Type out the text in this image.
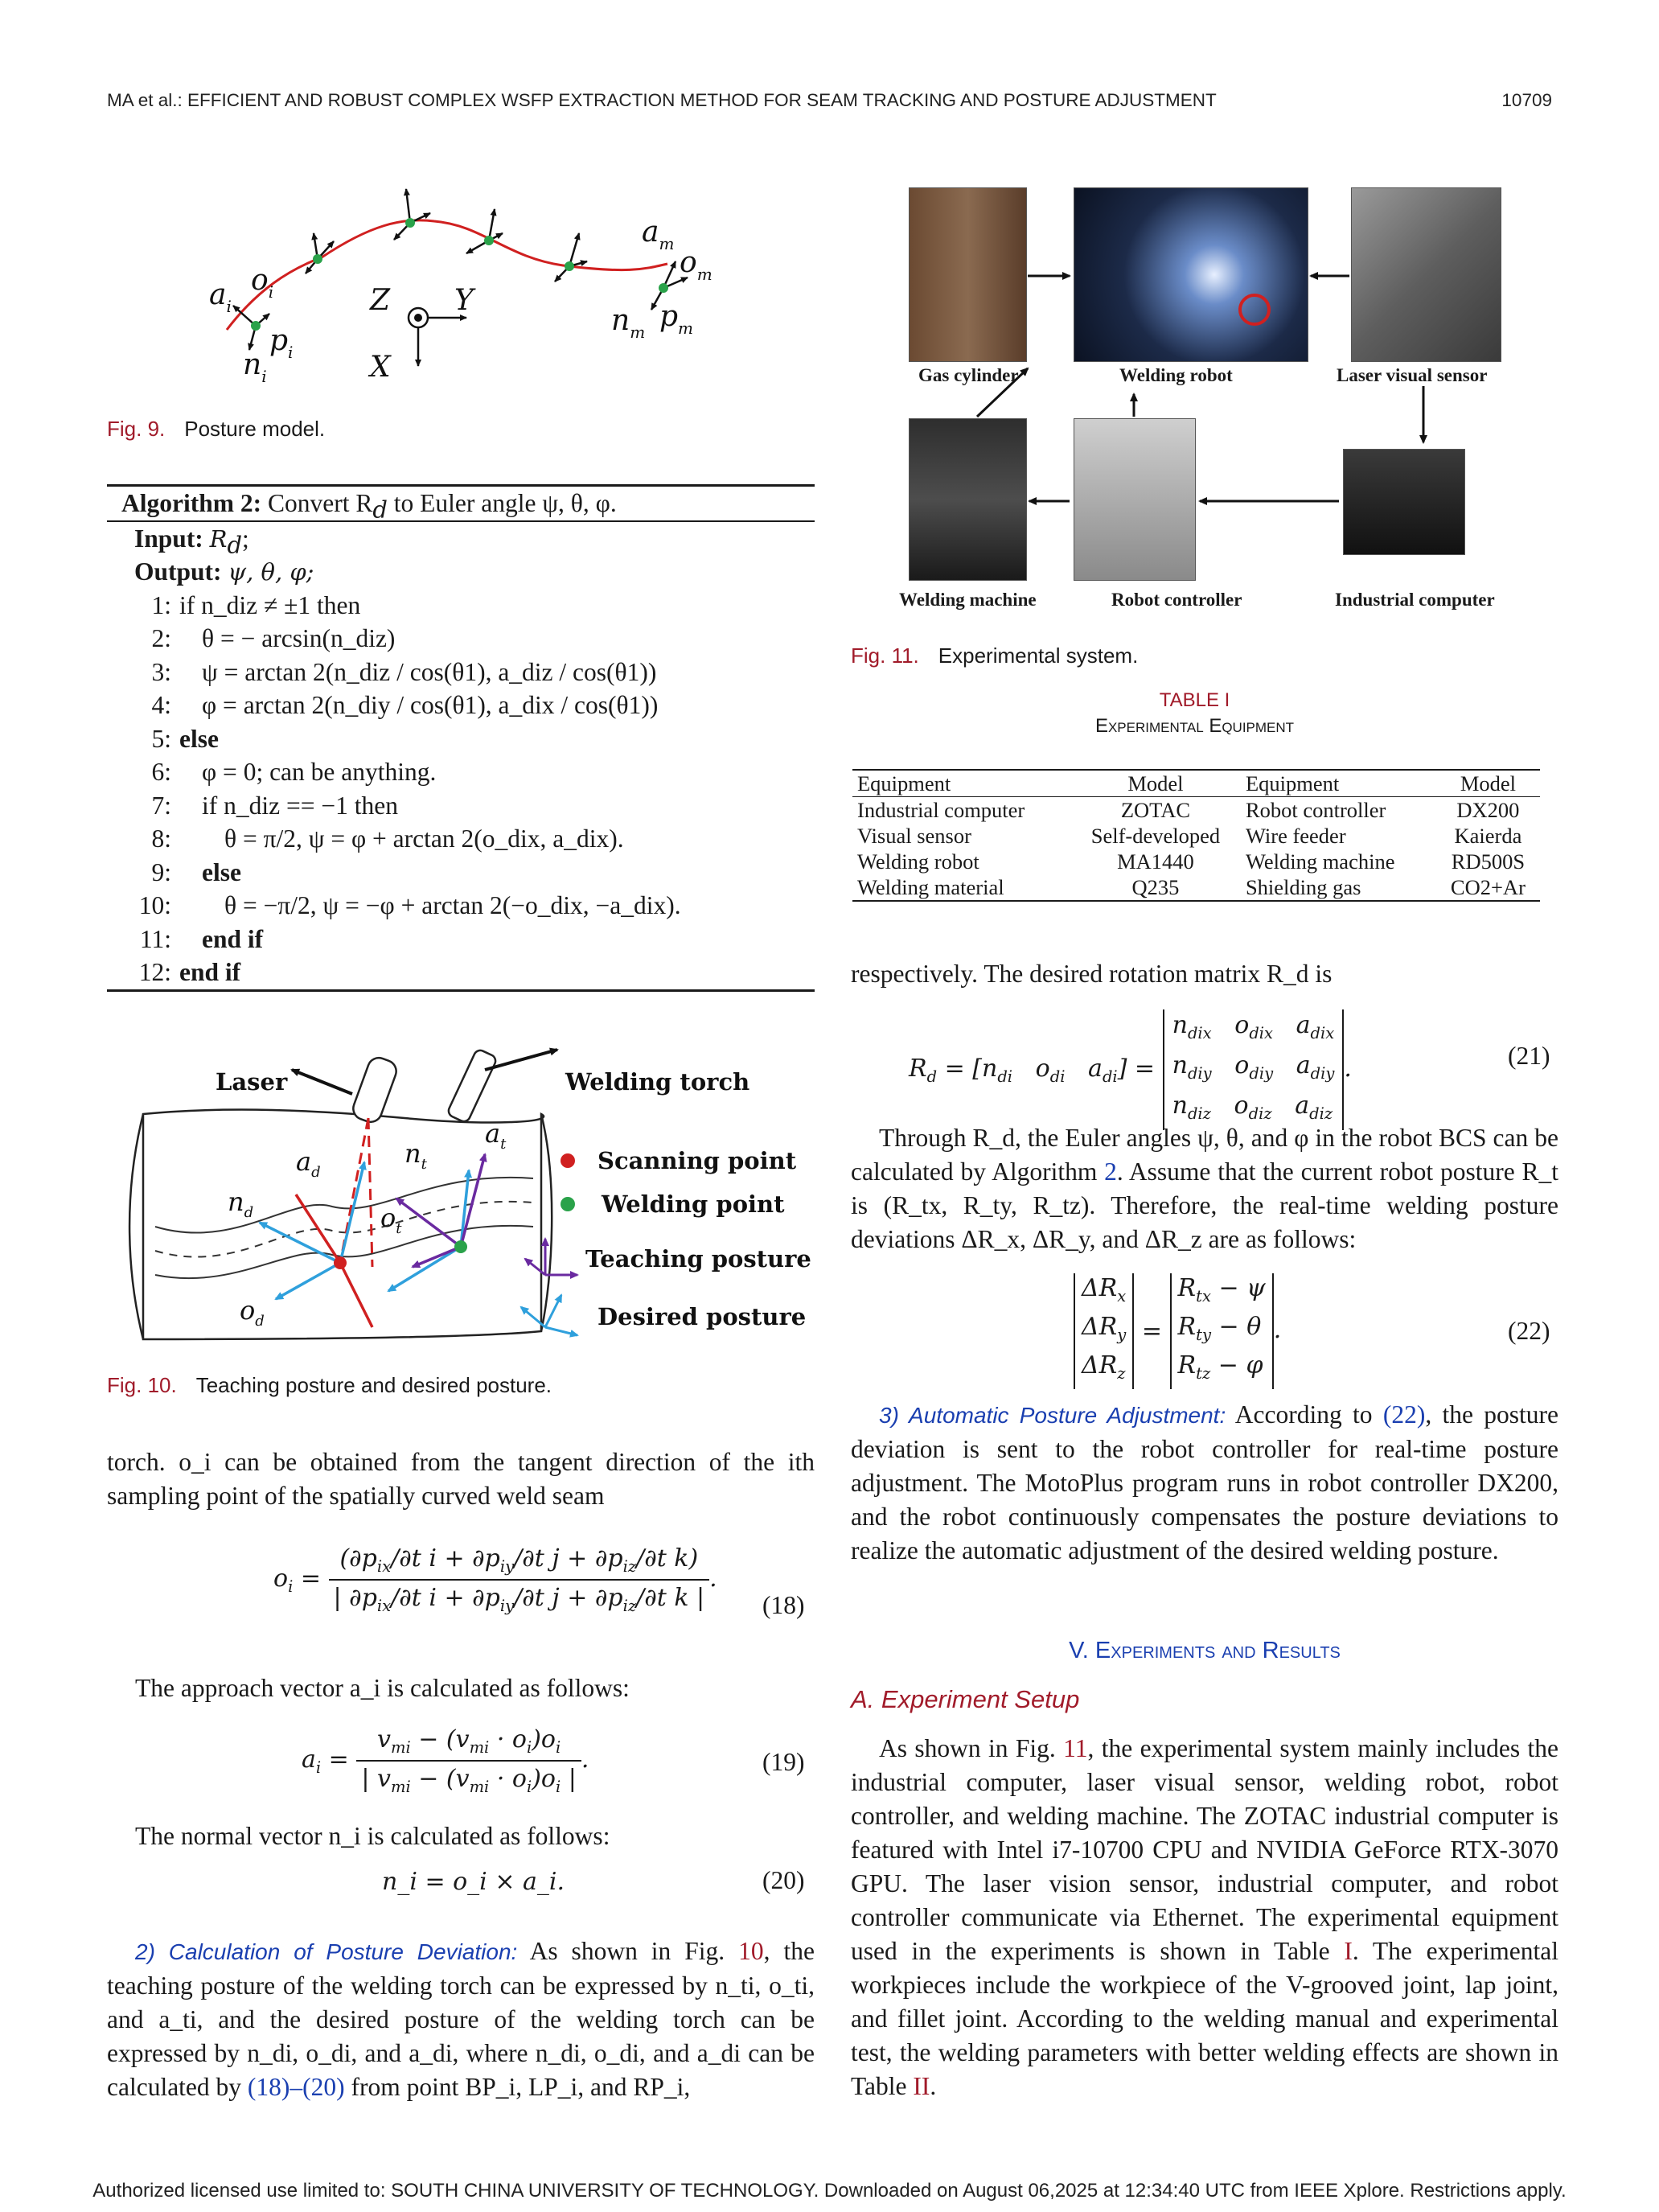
MA et al.: EFFICIENT AND ROBUST COMPLEX WSFP EXTRACTION METHOD FOR SEAM TRACKING AND POSTURE ADJUSTMENT	10709
$a_i$
$o_i$
$p_i$
$n_i$
Z Y
X
$a_m$
$o_m$
$n_m$ $p_m$
Fig. 9. Posture model.
Algorithm 2: Convert $R_d$ to Euler angle ψ, θ, φ.
Input: $R_d$;
Output: ψ, θ, φ;
1: if n_diz ≠ ±1 then
2: θ = − arcsin(n_diz)
3: ψ = arctan 2(n_diz / cos(θ1), a_diz / cos(θ1))
4: φ = arctan 2(n_diy / cos(θ1), a_dix / cos(θ1))
5: else
6: φ = 0; can be anything.
7: if n_diz == −1 then
8: θ = π/2, ψ = φ + arctan 2(o_dix, a_dix).
9: else
10: θ = −π/2, ψ = −φ + arctan 2(−o_dix, −a_dix).
11: end if
12: end if
Laser	Welding torch
Scanning point
Welding point
Teaching posture
Desired posture
$a_d$
$n_d$
$o_d$
$n_t$
$a_t$
$o_t$
Fig. 10. Teaching posture and desired posture.

torch. o_i can be obtained from the tangent direction of the ith sampling point of the spatially curved weld seam

$o_i = \frac{(\partial p_{ix}/\partial t i + \partial p_{iy}/\partial t j + \partial p_{iz}/\partial t k)}{| \partial p_{ix}/\partial t i + \partial p_{iy}/\partial t j + \partial p_{iz}/\partial t k |}$ .
(18)
The approach vector a_i is calculated as follows:
$a_i = \frac{v_{mi} - (v_{mi} \cdot o_i)o_i}{| v_{mi} - (v_{mi} \cdot o_i)o_i |}$ .	(19)
The normal vector n_i is calculated as follows:
n_i = o_i × a_i.	(20)

2) Calculation of Posture Deviation: As shown in Fig. 10, the teaching posture of the welding torch can be expressed by n_ti, o_ti, and a_ti, and the desired posture of the welding torch can be expressed by n_di, o_di, and a_di, where n_di, o_di, and a_di can be calculated by (18)–(20) from point BP_i, LP_i, and RP_i,

Gas cylinder	Welding robot	Laser visual sensor
Welding machine	Robot controller	Industrial computer
Fig. 11. Experimental system.
TABLE I
Experimental Equipment
Equipment	Model	Equipment	Model
Industrial computer	ZOTAC	Robot controller	DX200
Visual sensor	Self-developed	Wire feeder	Kaierda
Welding robot	MA1440	Welding machine	RD500S
Welding material	Q235	Shielding gas	CO2+Ar
respectively. The desired rotation matrix R_d is
$R_d = [n_{di}$   $o_{di}$   $a_{di}] = n_{dix}$   $o_{dix}$   $a_{dix}$
$n_{diy}$   $o_{diy}$   $a_{diy}$
$n_{diz}$   $o_{diz}$   $a_{diz}$.	(21)

Through R_d, the Euler angles ψ, θ, and φ in the robot BCS can be calculated by Algorithm 2. Assume that the current robot posture R_t is (R_tx, R_ty, R_tz). Therefore, the real-time welding posture deviations ΔR_x, ΔR_y, and ΔR_z are as follows:

$\Delta R_x$
$\Delta R_y$
$\Delta R_z = R_{tx} - \psi$
$R_{ty} - \theta$
$R_{tz} - \varphi$.	(22)

3) Automatic Posture Adjustment: According to (22), the posture deviation is sent to the robot controller for real-time posture adjustment. The MotoPlus program runs in robot controller DX200, and the robot continuously compensates the posture deviations to realize the automatic adjustment of the desired welding posture.

V. Experiments and Results
A. Experiment Setup

As shown in Fig. 11, the experimental system mainly includes the industrial computer, laser visual sensor, welding robot, robot controller, and welding machine. The ZOTAC industrial computer is featured with Intel i7-10700 CPU and NVIDIA GeForce RTX-3070 GPU. The laser vision sensor, industrial computer, and robot controller communicate via Ethernet. The experimental equipment used in the experiments is shown in Table I. The experimental workpieces include the workpiece of the V-grooved joint, lap joint, and fillet joint. According to the welding manual and experimental test, the welding parameters with better welding effects are shown in Table II.

Authorized licensed use limited to: SOUTH CHINA UNIVERSITY OF TECHNOLOGY. Downloaded on August 06,2025 at 12:34:40 UTC from IEEE Xplore. Restrictions apply.
